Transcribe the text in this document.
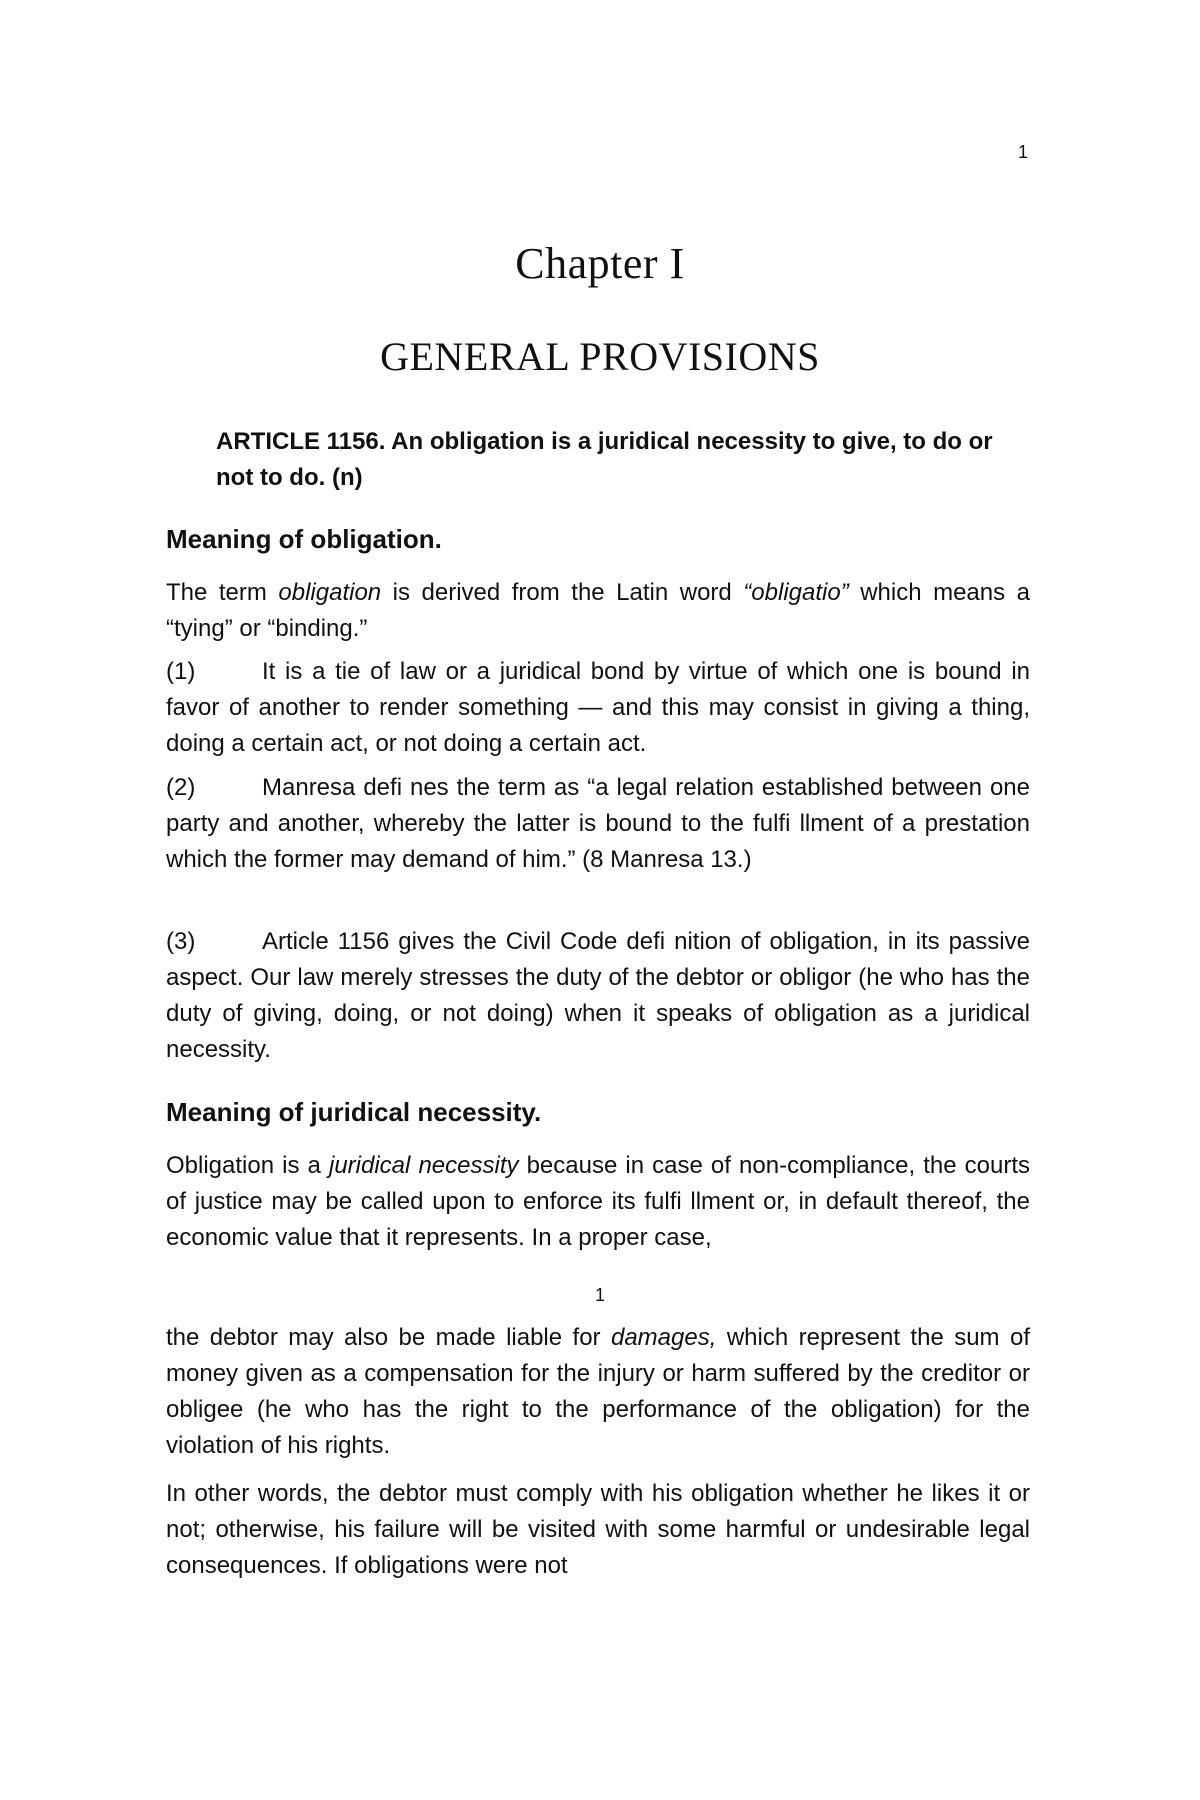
1
Chapter I
GENERAL PROVISIONS
ARTICLE 1156. An obligation is a juridical necessity to give, to do or not to do. (n)
Meaning of obligation.
The term obligation is derived from the Latin word “obligatio” which means a “tying” or “binding.”
(1)	It is a tie of law or a juridical bond by virtue of which one is bound in favor of another to render something — and this may consist in giving a thing, doing a certain act, or not doing a certain act.
(2)	Manresa defi nes the term as “a legal relation established between one party and another, whereby the latter is bound to the fulfi llment of a prestation which the former may demand of him.” (8 Manresa 13.)
(3)	Article 1156 gives the Civil Code defi nition of obligation, in its passive aspect. Our law merely stresses the duty of the debtor or obligor (he who has the duty of giving, doing, or not doing) when it speaks of obligation as a juridical necessity.
Meaning of juridical necessity.
Obligation is a juridical necessity because in case of non-compliance, the courts of justice may be called upon to enforce its fulfi llment or, in default thereof, the economic value that it represents. In a proper case,
1
the debtor may also be made liable for damages, which represent the sum of money given as a compensation for the injury or harm suffered by the creditor or obligee (he who has the right to the performance of the obligation) for the violation of his rights.
In other words, the debtor must comply with his obligation whether he likes it or not; otherwise, his failure will be visited with some harmful or undesirable legal consequences. If obligations were not
